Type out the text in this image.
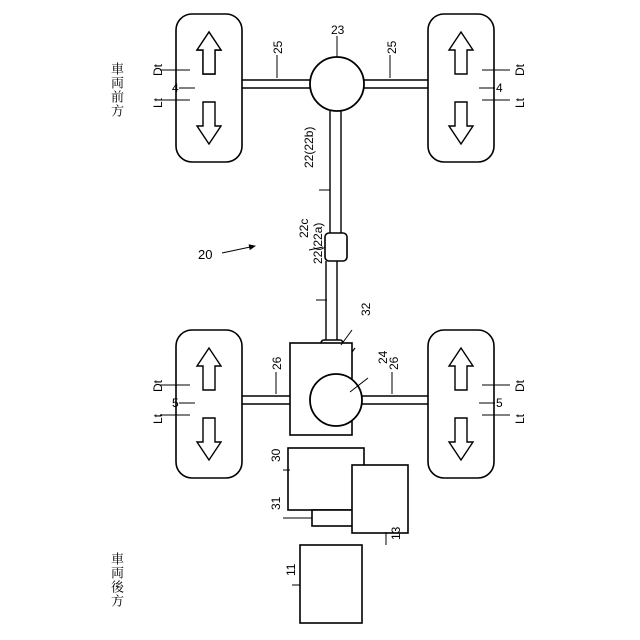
車両前方
車両後方
20
Dt
Lt
4
Dt
Lt
4
Dt
Lt
5
Dt
Lt
5
25	25
23
22(22b)
22c 22(22a)
32
24
26	26
30
31
13
11
